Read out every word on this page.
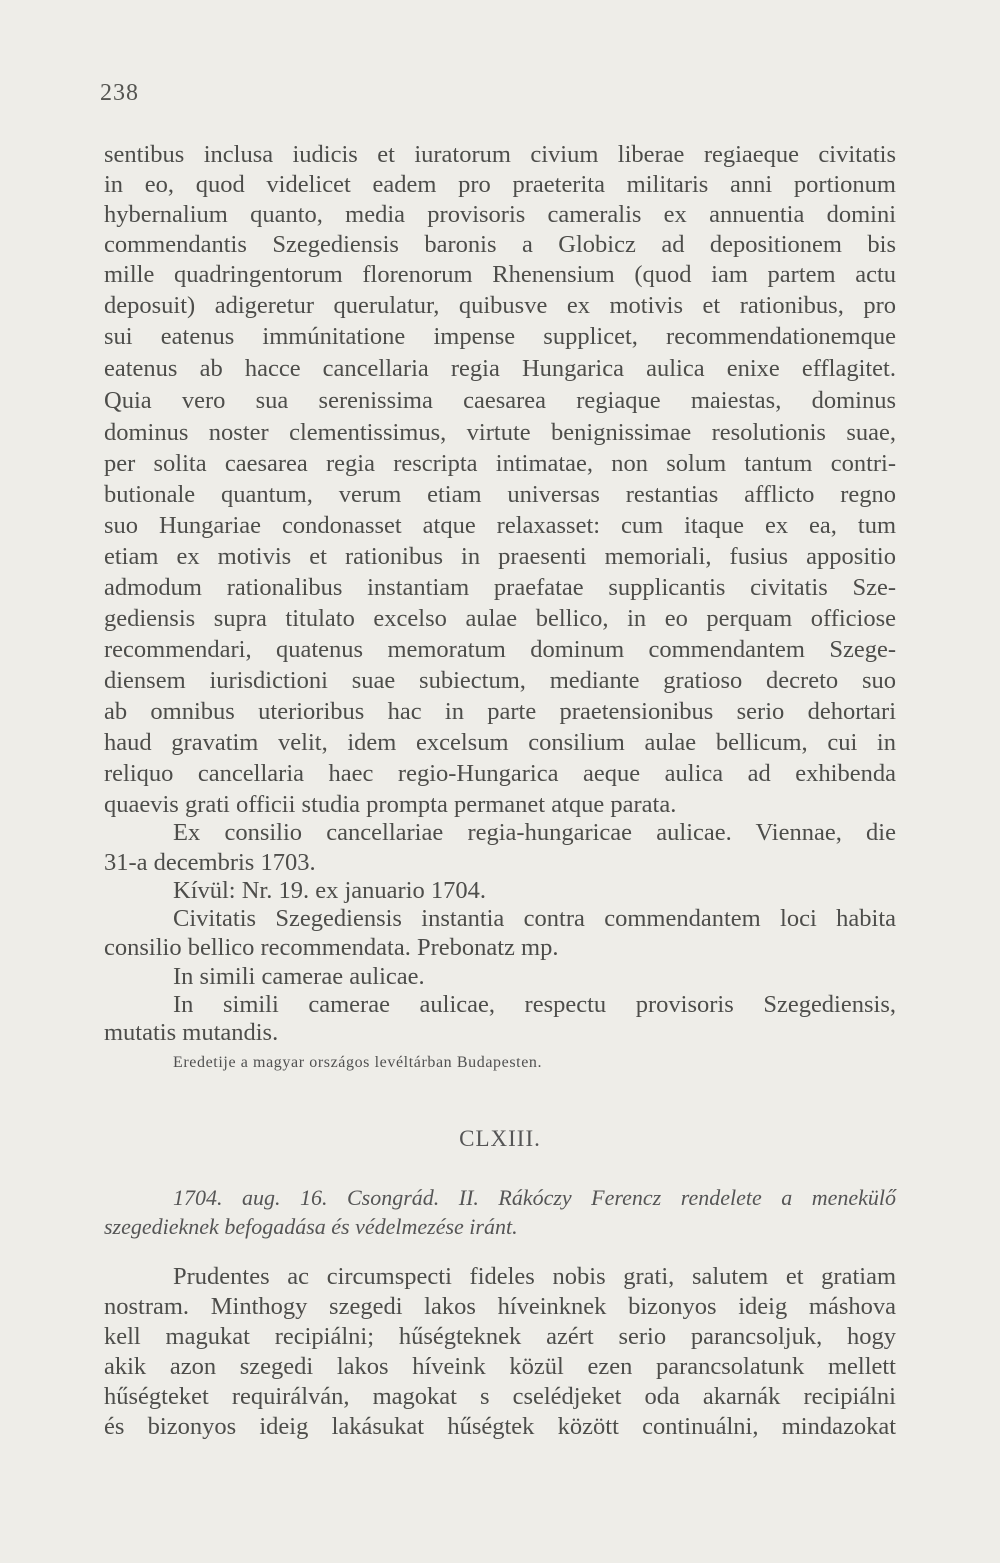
238
sentibus inclusa iudicis et iuratorum civium liberae regiaeque civitatis
in eo, quod videlicet eadem pro praeterita militaris anni portionum
hybernalium quanto, media provisoris cameralis ex annuentia domini
commendantis Szegediensis baronis a Globicz ad depositionem bis
mille quadringentorum florenorum Rhenensium (quod iam partem actu
deposuit) adigeretur querulatur, quibusve ex motivis et rationibus, pro
sui eatenus immúnitatione impense supplicet, recommendationemque
eatenus ab hacce cancellaria regia Hungarica aulica enixe efflagitet.
Quia vero sua serenissima caesarea regiaque maiestas, dominus
dominus noster clementissimus, virtute benignissimae resolutionis suae,
per solita caesarea regia rescripta intimatae, non solum tantum contri-
butionale quantum, verum etiam universas restantias afflicto regno
suo Hungariae condonasset atque relaxasset: cum itaque ex ea, tum
etiam ex motivis et rationibus in praesenti memoriali, fusius appositio
admodum rationalibus instantiam praefatae supplicantis civitatis Sze-
gediensis supra titulato excelso aulae bellico, in eo perquam officiose
recommendari, quatenus memoratum dominum commendantem Szege-
diensem iurisdictioni suae subiectum, mediante gratioso decreto suo
ab omnibus uterioribus hac in parte praetensionibus serio dehortari
haud gravatim velit, idem excelsum consilium aulae bellicum, cui in
reliquo cancellaria haec regio-Hungarica aeque aulica ad exhibenda
quaevis grati officii studia prompta permanet atque parata.
Ex consilio cancellariae regia-hungaricae aulicae. Viennae, die
31-a decembris 1703.
Kívül: Nr. 19. ex januario 1704.
Civitatis Szegediensis instantia contra commendantem loci habita
consilio bellico recommendata. Prebonatz mp.
In simili camerae aulicae.
In simili camerae aulicae, respectu provisoris Szegediensis,
mutatis mutandis.
Eredetije a magyar országos levéltárban Budapesten.
CLXIII.
1704. aug. 16. Csongrád. II. Rákóczy Ferencz rendelete a menekülő
szegedieknek befogadása és védelmezése iránt.
Prudentes ac circumspecti fideles nobis grati, salutem et gratiam
nostram. Minthogy szegedi lakos híveinknek bizonyos ideig máshova
kell magukat recipiálni; hűségteknek azért serio parancsoljuk, hogy
akik azon szegedi lakos híveink közül ezen parancsolatunk mellett
hűségteket requirálván, magokat s cselédjeket oda akarnák recipiálni
és bizonyos ideig lakásukat hűségtek között continuálni, mindazokat
